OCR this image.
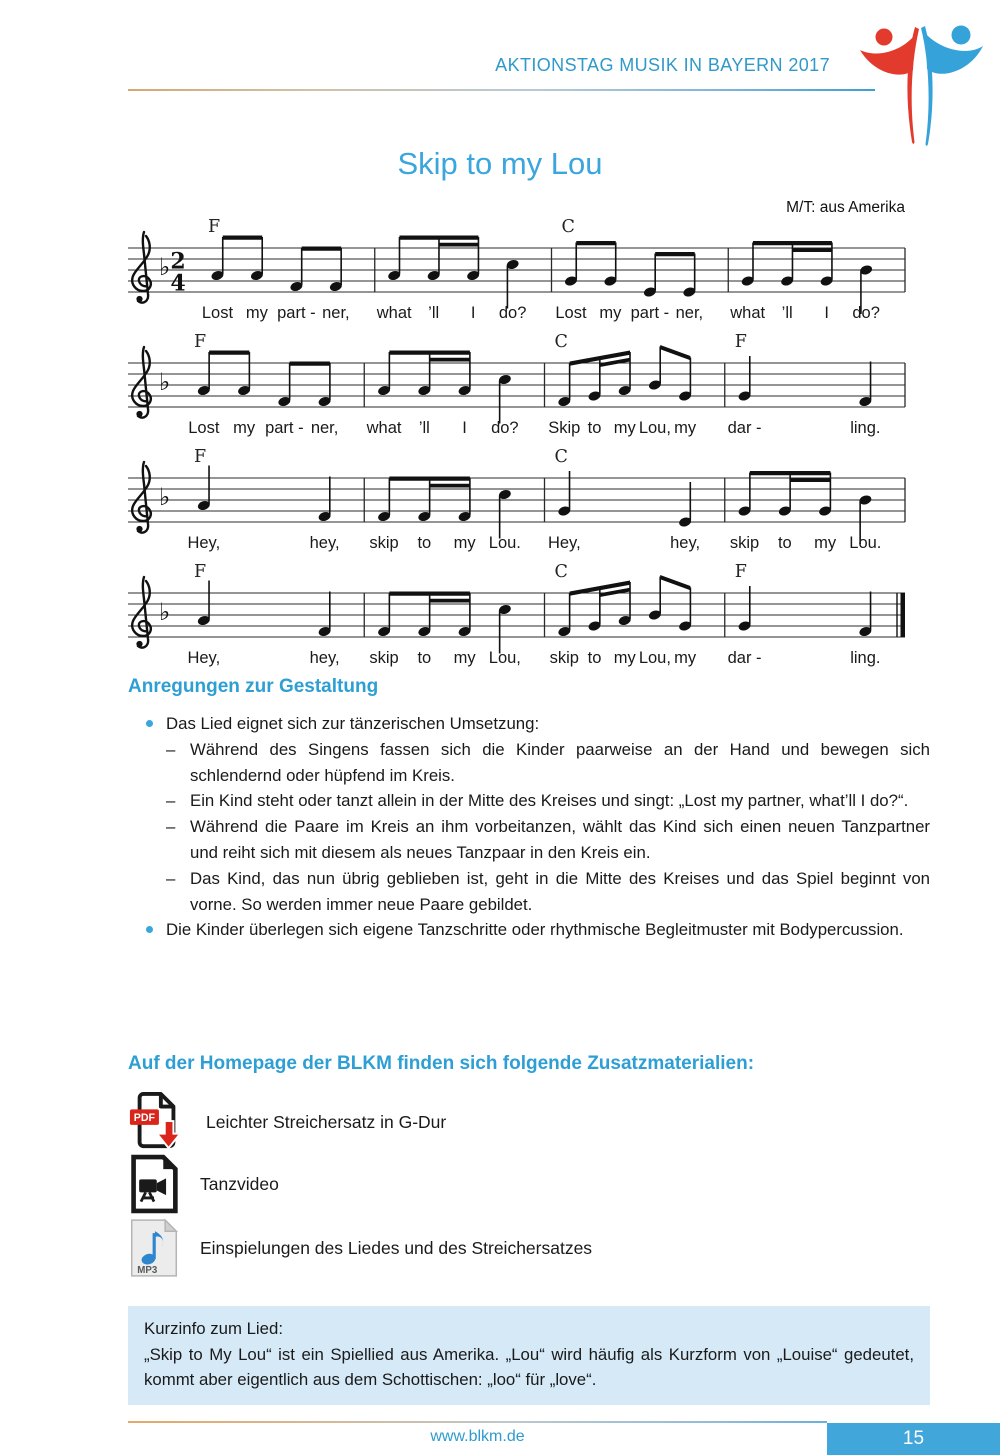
AKTIONSTAG MUSIK IN BAYERN 2017
Skip to my Lou
M/T: aus Amerika
♭ 2
4
Lost my part - ner, what ’ll I do? Lost my part - ner, what ’ll I do?
F	C
♭
Lost my part - ner, what ’ll I do? Skip to my Lou, my dar -	ling.
F	C	F
♭
Hey,	hey, skip to my Lou. Hey,	hey, skip to my Lou.
F	C
♭
Hey,	hey, skip to my Lou, skip to my Lou, my dar -	ling.
F	C	F
Anregungen zur Gestaltung
Das Lied eignet sich zur tänzerischen Umsetzung:
– Während des Singens fassen sich die Kinder paarweise an der Hand und bewegen sich schlendernd oder hüpfend im Kreis.
– Ein Kind steht oder tanzt allein in der Mitte des Kreises und singt: „Lost my partner, what’ll I do?“.
– Während die Paare im Kreis an ihm vorbeitanzen, wählt das Kind sich einen neuen Tanzpartner und reiht sich mit diesem als neues Tanzpaar in den Kreis ein.
– Das Kind, das nun übrig geblieben ist, geht in die Mitte des Kreises und das Spiel beginnt von vorne. So werden immer neue Paare gebildet.
Die Kinder überlegen sich eigene Tanzschritte oder rhythmische Begleitmuster mit Bodypercussion.
Auf der Homepage der BLKM finden sich folgende Zusatzmaterialien:
PDF	Leichter Streichersatz in G-Dur
Tanzvideo
MP3
Einspielungen des Liedes und des Streichersatzes
Kurzinfo zum Lied:
„Skip to My Lou“ ist ein Spiellied aus Amerika. „Lou“ wird häufig als Kurzform von „Louise“ gedeutet, kommt aber eigentlich aus dem Schottischen: „loo“ für „love“.
www.blkm.de	15
